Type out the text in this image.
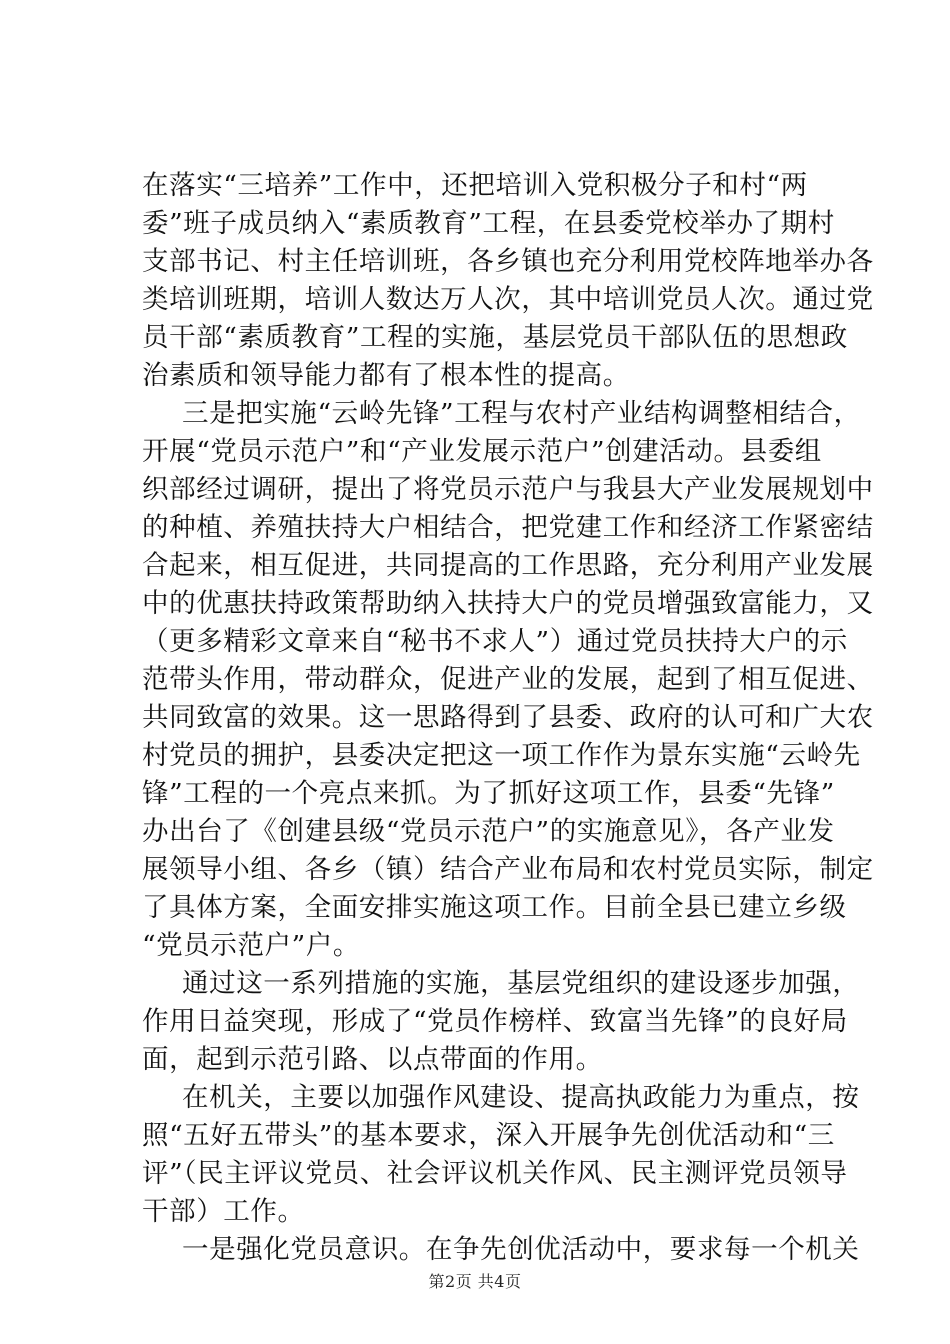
在落实“三培养”工作中，还把培训入党积极分子和村“两
委”班子成员纳入“素质教育”工程，在县委党校举办了期村
支部书记、村主任培训班，各乡镇也充分利用党校阵地举办各
类培训班期，培训人数达万人次，其中培训党员人次。通过党
员干部“素质教育”工程的实施，基层党员干部队伍的思想政
治素质和领导能力都有了根本性的提高。
三是把实施“云岭先锋”工程与农村产业结构调整相结合，
开展“党员示范户”和“产业发展示范户”创建活动。县委组
织部经过调研，提出了将党员示范户与我县大产业发展规划中
的种植、养殖扶持大户相结合，把党建工作和经济工作紧密结
合起来，相互促进，共同提高的工作思路，充分利用产业发展
中的优惠扶持政策帮助纳入扶持大户的党员增强致富能力，又
（更多精彩文章来自“秘书不求人”）通过党员扶持大户的示
范带头作用，带动群众，促进产业的发展，起到了相互促进、
共同致富的效果。这一思路得到了县委、政府的认可和广大农
村党员的拥护，县委决定把这一项工作作为景东实施“云岭先
锋”工程的一个亮点来抓。为了抓好这项工作，县委“先锋”
办出台了《创建县级“党员示范户”的实施意见》，各产业发
展领导小组、各乡（镇）结合产业布局和农村党员实际，制定
了具体方案，全面安排实施这项工作。目前全县已建立乡级
“党员示范户”户。
通过这一系列措施的实施，基层党组织的建设逐步加强，
作用日益突现，形成了“党员作榜样、致富当先锋”的良好局
面，起到示范引路、以点带面的作用。
在机关，主要以加强作风建设、提高执政能力为重点，按
照“五好五带头”的基本要求，深入开展争先创优活动和“三
评”（民主评议党员、社会评议机关作风、民主测评党员领导
干部）工作。
一是强化党员意识。在争先创优活动中，要求每一个机关
第2页 共4页
